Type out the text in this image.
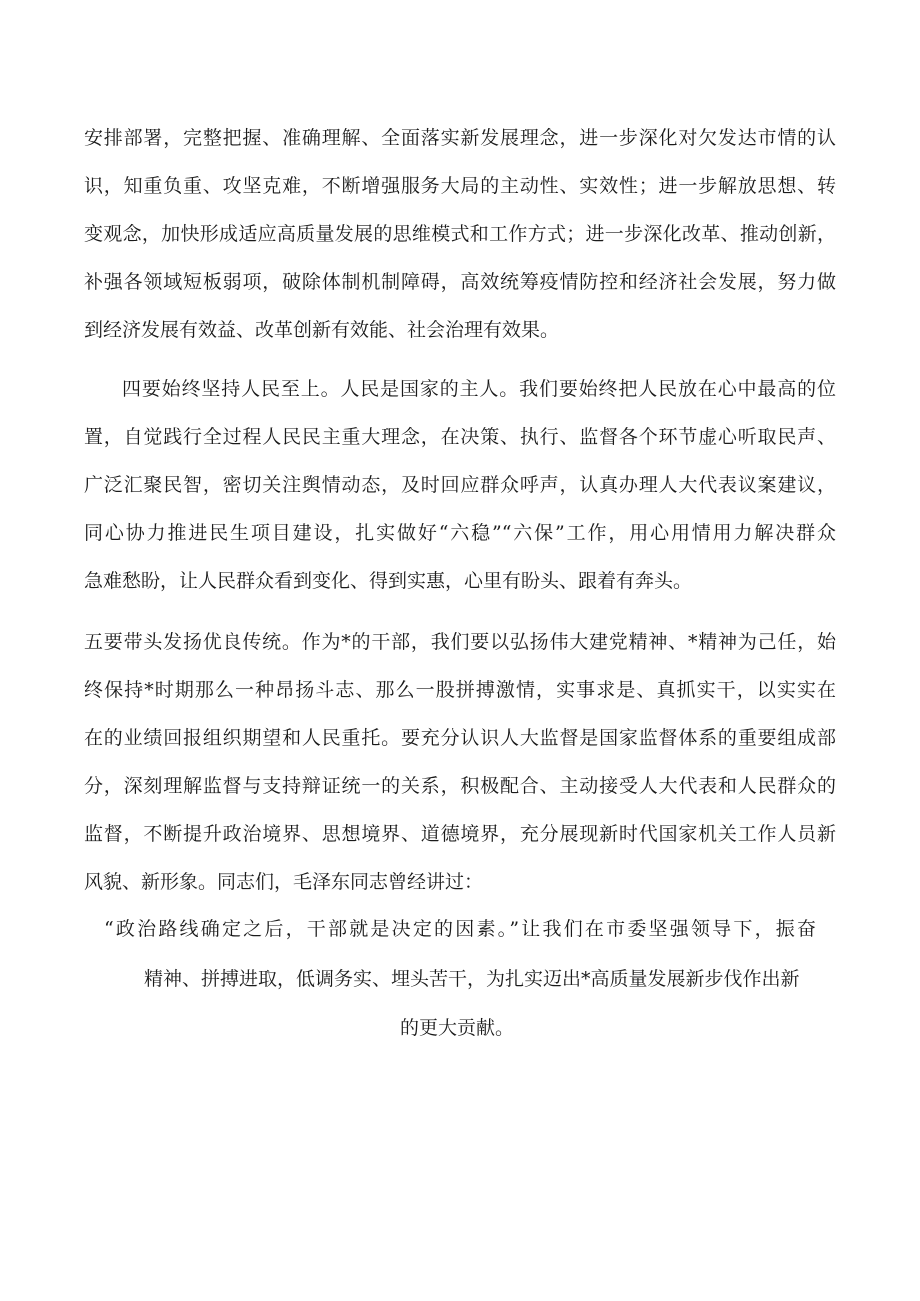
安排部署，完整把握、准确理解、全面落实新发展理念，进一步深化对欠发达市情的认
识，知重负重、攻坚克难，不断增强服务大局的主动性、实效性；进一步解放思想、转
变观念，加快形成适应高质量发展的思维模式和工作方式；进一步深化改革、推动创新，
补强各领域短板弱项，破除体制机制障碍，高效统筹疫情防控和经济社会发展，努力做
到经济发展有效益、改革创新有效能、社会治理有效果。
四要始终坚持人民至上。人民是国家的主人。我们要始终把人民放在心中最高的位
置，自觉践行全过程人民民主重大理念，在决策、执行、监督各个环节虚心听取民声、
广泛汇聚民智，密切关注舆情动态，及时回应群众呼声，认真办理人大代表议案建议，
同心协力推进民生项目建设，扎实做好“六稳”“六保”工作，用心用情用力解决群众
急难愁盼，让人民群众看到变化、得到实惠，心里有盼头、跟着有奔头。
五要带头发扬优良传统。作为*的干部，我们要以弘扬伟大建党精神、*精神为己任，始
终保持*时期那么一种昂扬斗志、那么一股拼搏激情，实事求是、真抓实干，以实实在
在的业绩回报组织期望和人民重托。要充分认识人大监督是国家监督体系的重要组成部
分，深刻理解监督与支持辩证统一的关系，积极配合、主动接受人大代表和人民群众的
监督，不断提升政治境界、思想境界、道德境界，充分展现新时代国家机关工作人员新
风貌、新形象。同志们，毛泽东同志曾经讲过：
“政治路线确定之后，干部就是决定的因素。”让我们在市委坚强领导下，振奋
精神、拼搏进取，低调务实、埋头苦干，为扎实迈出*高质量发展新步伐作出新
的更大贡献。
